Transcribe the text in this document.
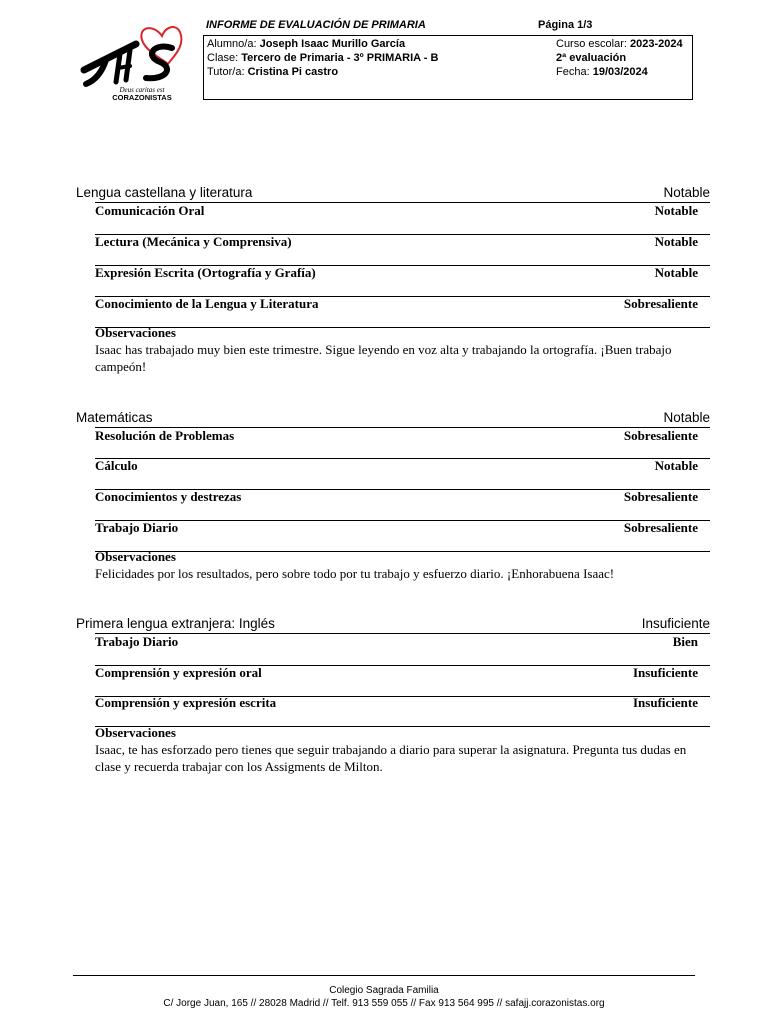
Deus caritas est
CORAZONISTAS
INFORME DE EVALUACIÓN DE PRIMARIA	Página 1/3
Alumno/a: Joseph Isaac Murillo García
Clase: Tercero de Primaria - 3º PRIMARIA - B
Tutor/a: Cristina Pi castro
Curso escolar: 2023-2024
2ª evaluación
Fecha: 19/03/2024
Lengua castellana y literatura	Notable
Comunicación Oral	Notable
Lectura (Mecánica y Comprensiva)	Notable
Expresión Escrita (Ortografía y Grafía)	Notable
Conocimiento de la Lengua y Literatura	Sobresaliente
Observaciones
Isaac has trabajado muy bien este trimestre. Sigue leyendo en voz alta y trabajando la ortografía. ¡Buen trabajo campeón!
Matemáticas	Notable
Resolución de Problemas	Sobresaliente
Cálculo	Notable
Conocimientos y destrezas	Sobresaliente
Trabajo Diario	Sobresaliente
Observaciones
Felicidades por los resultados, pero sobre todo por tu trabajo y esfuerzo diario. ¡Enhorabuena Isaac!
Primera lengua extranjera: Inglés	Insuficiente
Trabajo Diario	Bien
Comprensión y expresión oral	Insuficiente
Comprensión y expresión escrita	Insuficiente
Observaciones
Isaac, te has esforzado pero tienes que seguir trabajando a diario para superar la asignatura. Pregunta tus dudas en clase y recuerda trabajar con los Assigments de Milton.
Colegio Sagrada Familia
C/ Jorge Juan, 165 // 28028 Madrid // Telf. 913 559 055 // Fax 913 564 995 // safajj.corazonistas.org
